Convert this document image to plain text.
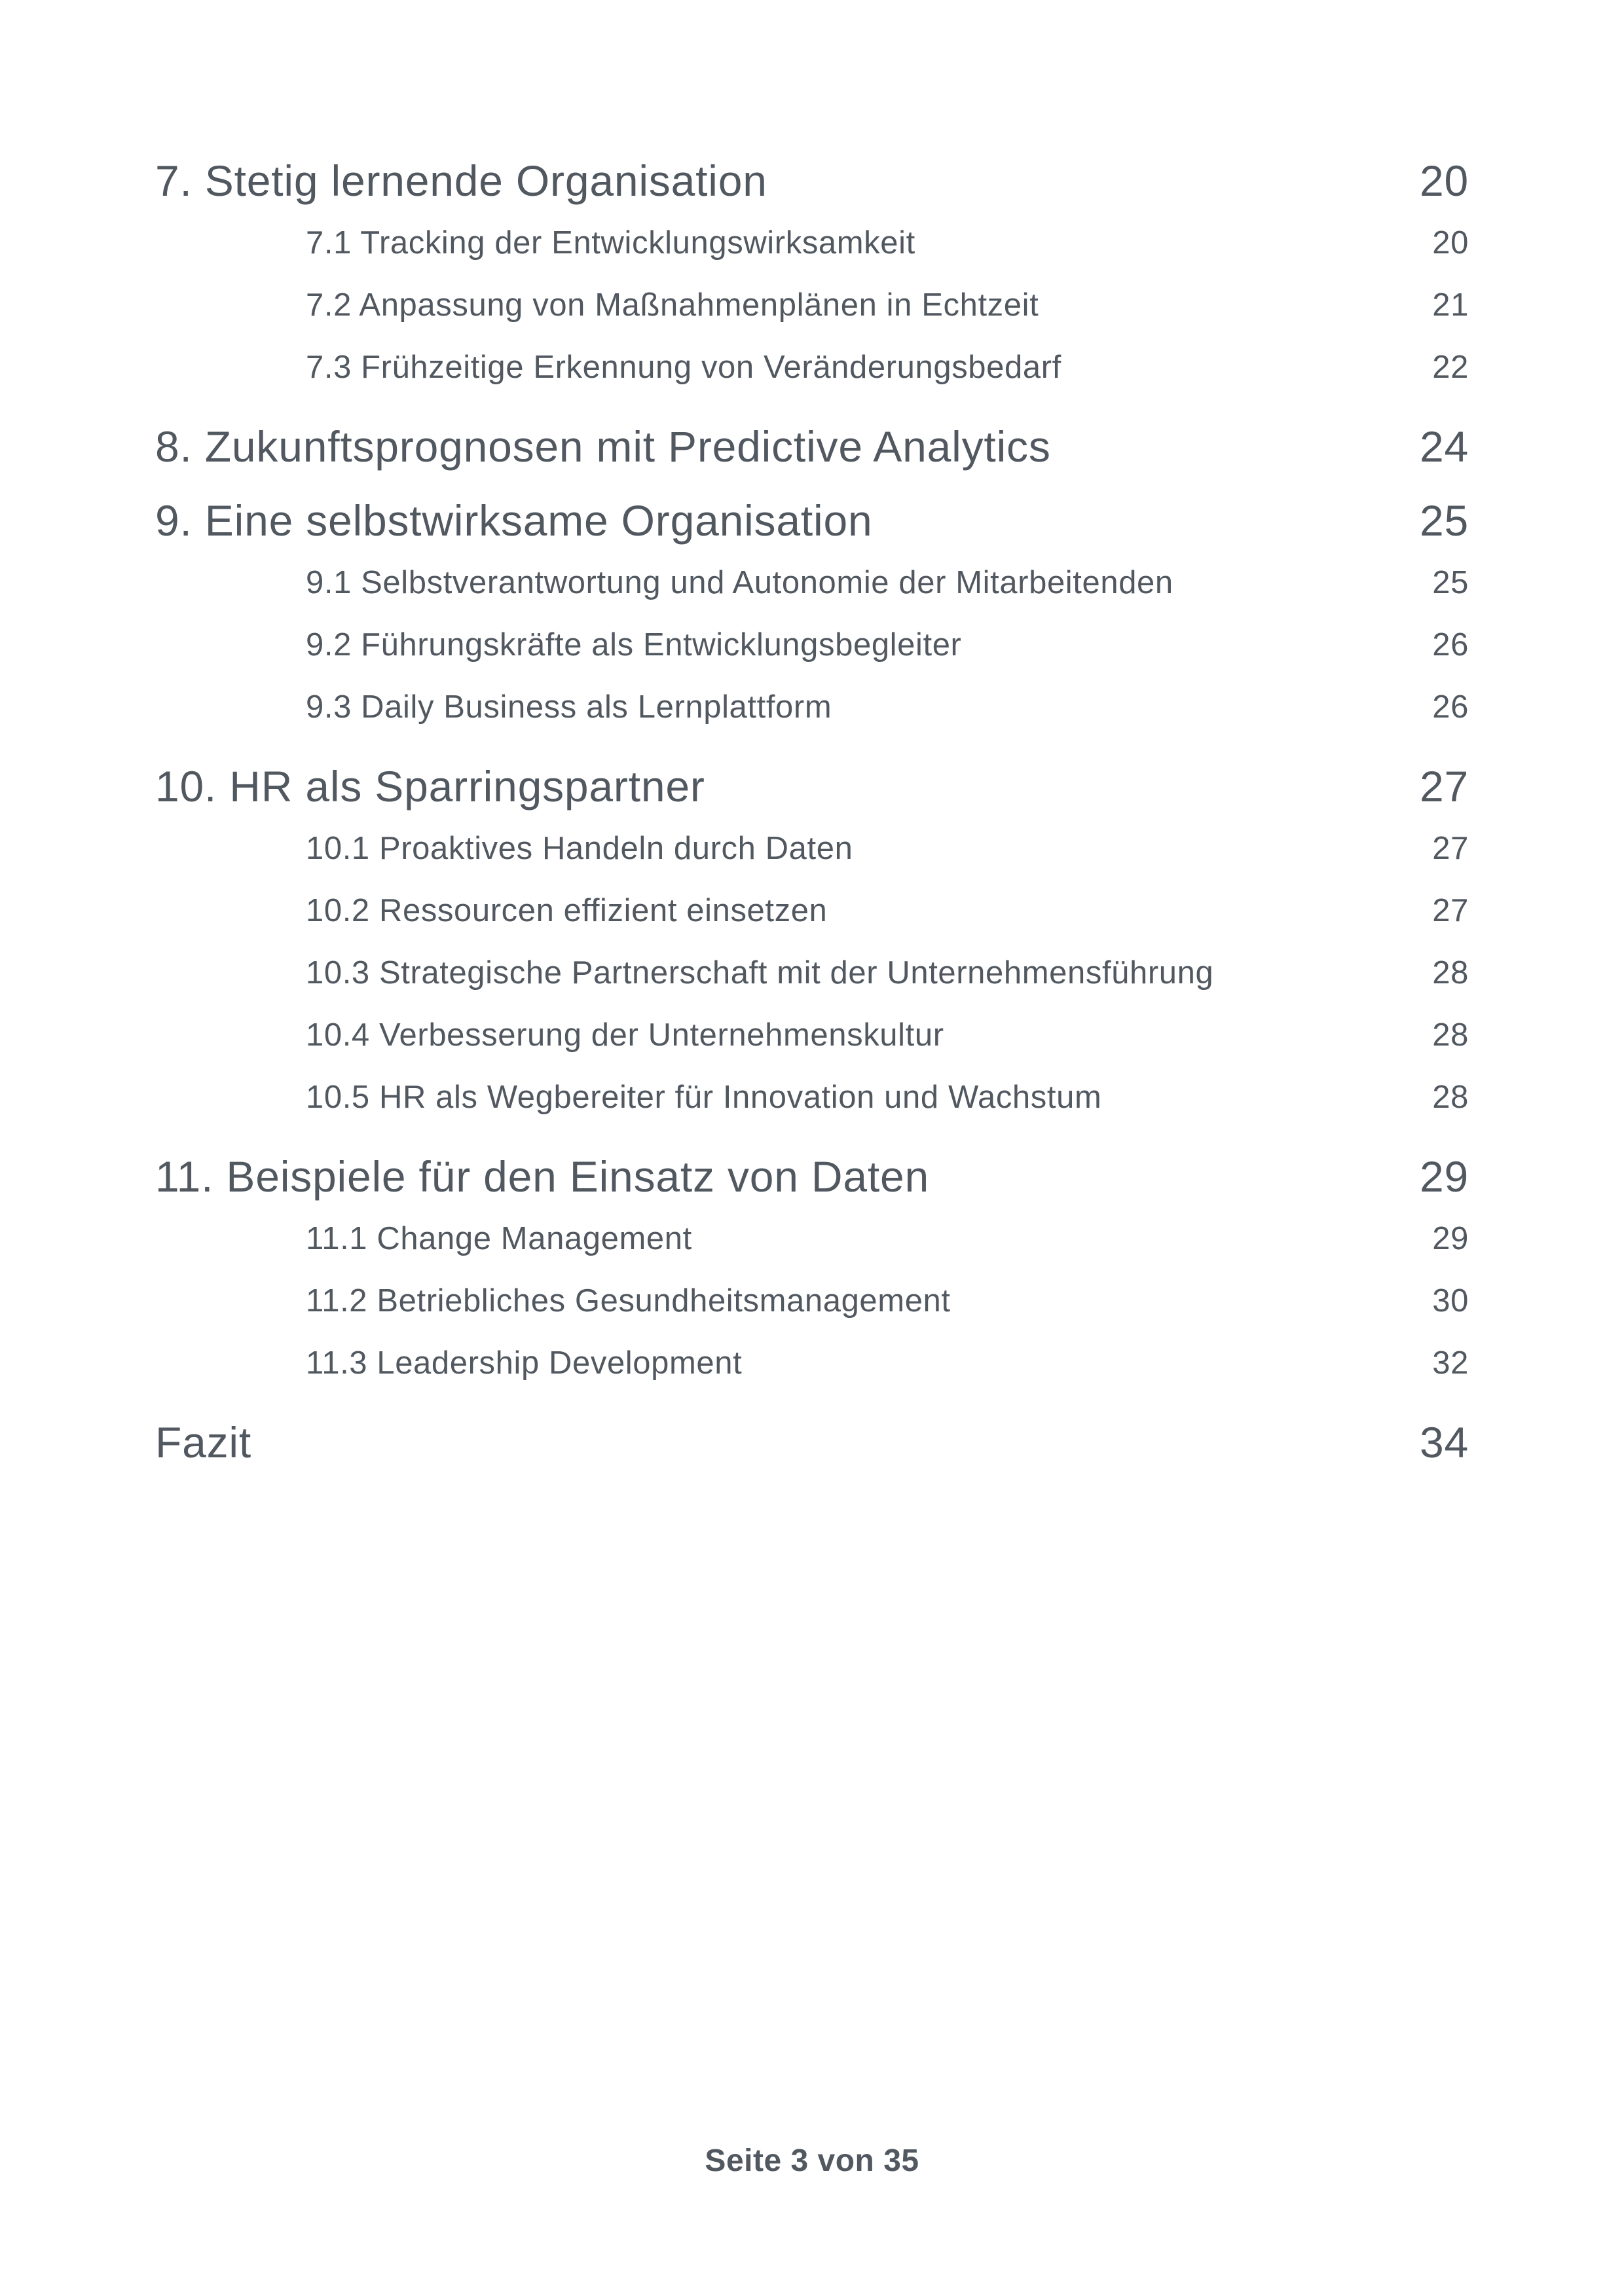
7. Stetig lernende Organisation	20
7.1 Tracking der Entwicklungswirksamkeit	20
7.2 Anpassung von Maßnahmenplänen in Echtzeit	21
7.3 Frühzeitige Erkennung von Veränderungsbedarf	22
8. Zukunftsprognosen mit Predictive Analytics	24
9. Eine selbstwirksame Organisation	25
9.1 Selbstverantwortung und Autonomie der Mitarbeitenden	25
9.2 Führungskräfte als Entwicklungsbegleiter	26
9.3 Daily Business als Lernplattform	26
10. HR als Sparringspartner	27
10.1 Proaktives Handeln durch Daten	27
10.2 Ressourcen effizient einsetzen	27
10.3 Strategische Partnerschaft mit der Unternehmensführung	28
10.4 Verbesserung der Unternehmenskultur	28
10.5 HR als Wegbereiter für Innovation und Wachstum	28
11. Beispiele für den Einsatz von Daten	29
11.1 Change Management	29
11.2 Betriebliches Gesundheitsmanagement	30
11.3 Leadership Development	32
Fazit	34
Seite 3 von 35
